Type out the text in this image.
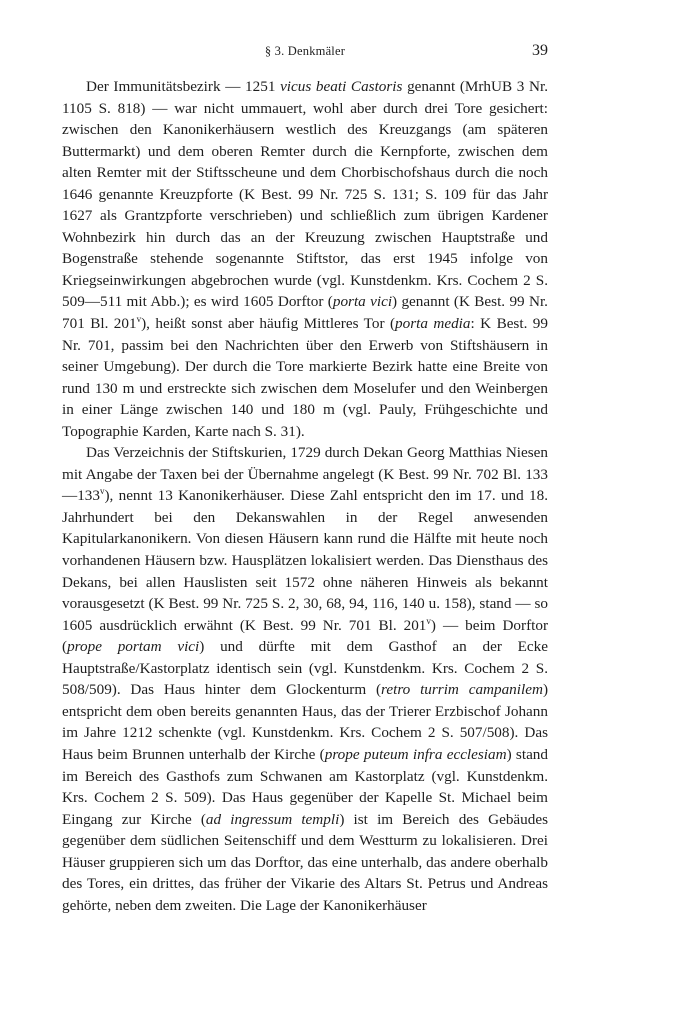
§ 3. Denkmäler	39

Der Immunitätsbezirk — 1251 vicus beati Castoris genannt (MrhUB 3 Nr. 1105 S. 818) — war nicht ummauert, wohl aber durch drei Tore gesichert: zwischen den Kanonikerhäusern westlich des Kreuzgangs (am späteren Buttermarkt) und dem oberen Remter durch die Kernpforte, zwischen dem alten Remter mit der Stiftsscheune und dem Chorbischofshaus durch die noch 1646 genannte Kreuzpforte (K Best. 99 Nr. 725 S. 131; S. 109 für das Jahr 1627 als Grantzpforte verschrieben) und schließlich zum übrigen Kardener Wohnbezirk hin durch das an der Kreuzung zwischen Hauptstraße und Bogenstraße stehende sogenannte Stiftstor, das erst 1945 infolge von Kriegseinwirkungen abgebrochen wurde (vgl. Kunstdenkm. Krs. Cochem 2 S. 509—511 mit Abb.); es wird 1605 Dorftor (porta vici) genannt (K Best. 99 Nr. 701 Bl. 201$^v$), heißt sonst aber häufig Mittleres Tor (porta media: K Best. 99 Nr. 701, passim bei den Nachrichten über den Erwerb von Stiftshäusern in seiner Umgebung). Der durch die Tore markierte Bezirk hatte eine Breite von rund 130 m und erstreckte sich zwischen dem Moselufer und den Weinbergen in einer Länge zwischen 140 und 180 m (vgl. Pauly, Frühgeschichte und Topographie Karden, Karte nach S. 31).

Das Verzeichnis der Stiftskurien, 1729 durch Dekan Georg Matthias Niesen mit Angabe der Taxen bei der Übernahme angelegt (K Best. 99 Nr. 702 Bl. 133—133$^v$), nennt 13 Kanonikerhäuser. Diese Zahl entspricht den im 17. und 18. Jahrhundert bei den Dekanswahlen in der Regel anwesenden Kapitularkanonikern. Von diesen Häusern kann rund die Hälfte mit heute noch vorhandenen Häusern bzw. Hausplätzen lokalisiert werden. Das Diensthaus des Dekans, bei allen Hauslisten seit 1572 ohne näheren Hinweis als bekannt vorausgesetzt (K Best. 99 Nr. 725 S. 2, 30, 68, 94, 116, 140 u. 158), stand — so 1605 ausdrücklich erwähnt (K Best. 99 Nr. 701 Bl. 201$^v$) — beim Dorftor (prope portam vici) und dürfte mit dem Gasthof an der Ecke Hauptstraße/Kastorplatz identisch sein (vgl. Kunstdenkm. Krs. Cochem 2 S. 508/509). Das Haus hinter dem Glockenturm (retro turrim campanilem) entspricht dem oben bereits genannten Haus, das der Trierer Erzbischof Johann im Jahre 1212 schenkte (vgl. Kunstdenkm. Krs. Cochem 2 S. 507/508). Das Haus beim Brunnen unterhalb der Kirche (prope puteum infra ecclesiam) stand im Bereich des Gasthofs zum Schwanen am Kastorplatz (vgl. Kunstdenkm. Krs. Cochem 2 S. 509). Das Haus gegenüber der Kapelle St. Michael beim Eingang zur Kirche (ad ingressum templi) ist im Bereich des Gebäudes gegenüber dem südlichen Seitenschiff und dem Westturm zu lokalisieren. Drei Häuser gruppieren sich um das Dorftor, das eine unterhalb, das andere oberhalb des Tores, ein drittes, das früher der Vikarie des Altars St. Petrus und Andreas gehörte, neben dem zweiten. Die Lage der Kanonikerhäuser
